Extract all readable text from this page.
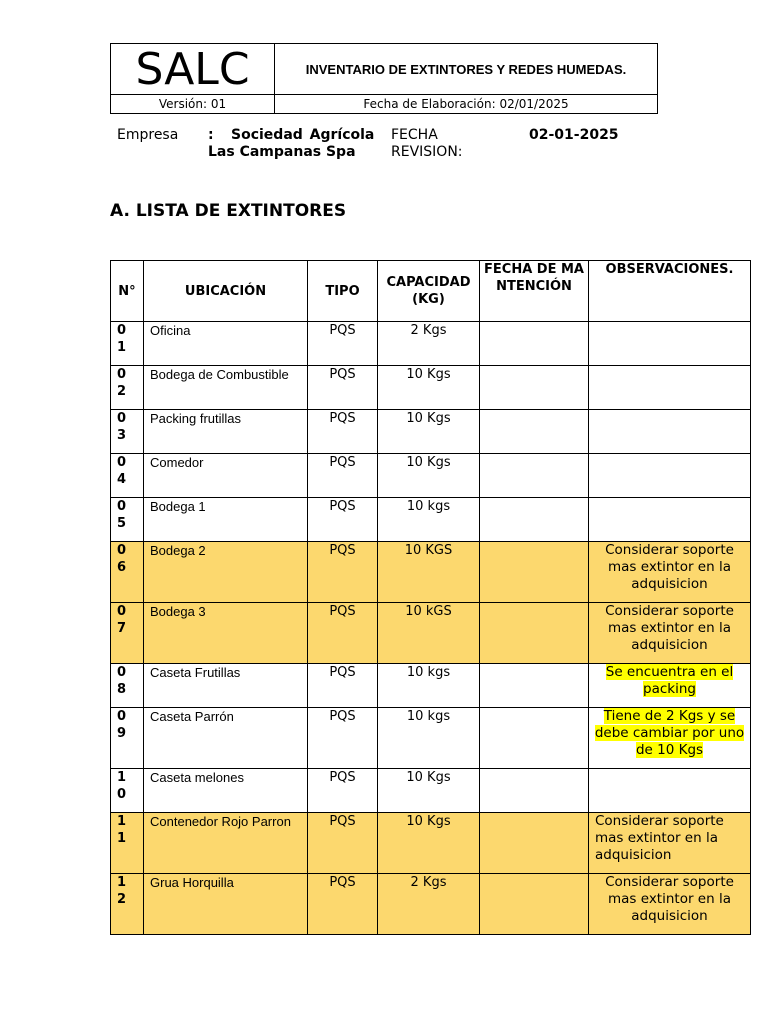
SALC	INVENTARIO DE EXTINTORES Y REDES HUMEDAS.
Versión: 01	Fecha de Elaboración: 02/01/2025
Empresa : Sociedad Agrícola
Las Campanas Spa
FECHA
REVISION:
02-01-2025
A. LISTA DE EXTINTORES
N°	UBICACIÓN	TIPO	CAPACIDAD (KG)	FECHA DE MANTENCIÓN	OBSERVACIONES.
01	Oficina	PQS	2 Kgs		
02	Bodega de Combustible	PQS	10 Kgs		
03	Packing frutillas	PQS	10 Kgs		
04	Comedor	PQS	10 Kgs		
05	Bodega 1	PQS	10 kgs		
06	Bodega 2	PQS	10 KGS		Considerar soporte mas extintor en la adquisicion
07	Bodega 3	PQS	10 kGS		Considerar soporte mas extintor en la adquisicion
08	Caseta Frutillas	PQS	10 kgs		Se encuentra en el packing
09	Caseta Parrón	PQS	10 kgs		Tiene de 2 Kgs y se debe cambiar por uno de 10 Kgs
10	Caseta melones	PQS	10 Kgs		
11	Contenedor Rojo Parron	PQS	10 Kgs		Considerar soporte mas extintor en la adquisicion
12	Grua Horquilla	PQS	2 Kgs		Considerar soporte mas extintor en la adquisicion
